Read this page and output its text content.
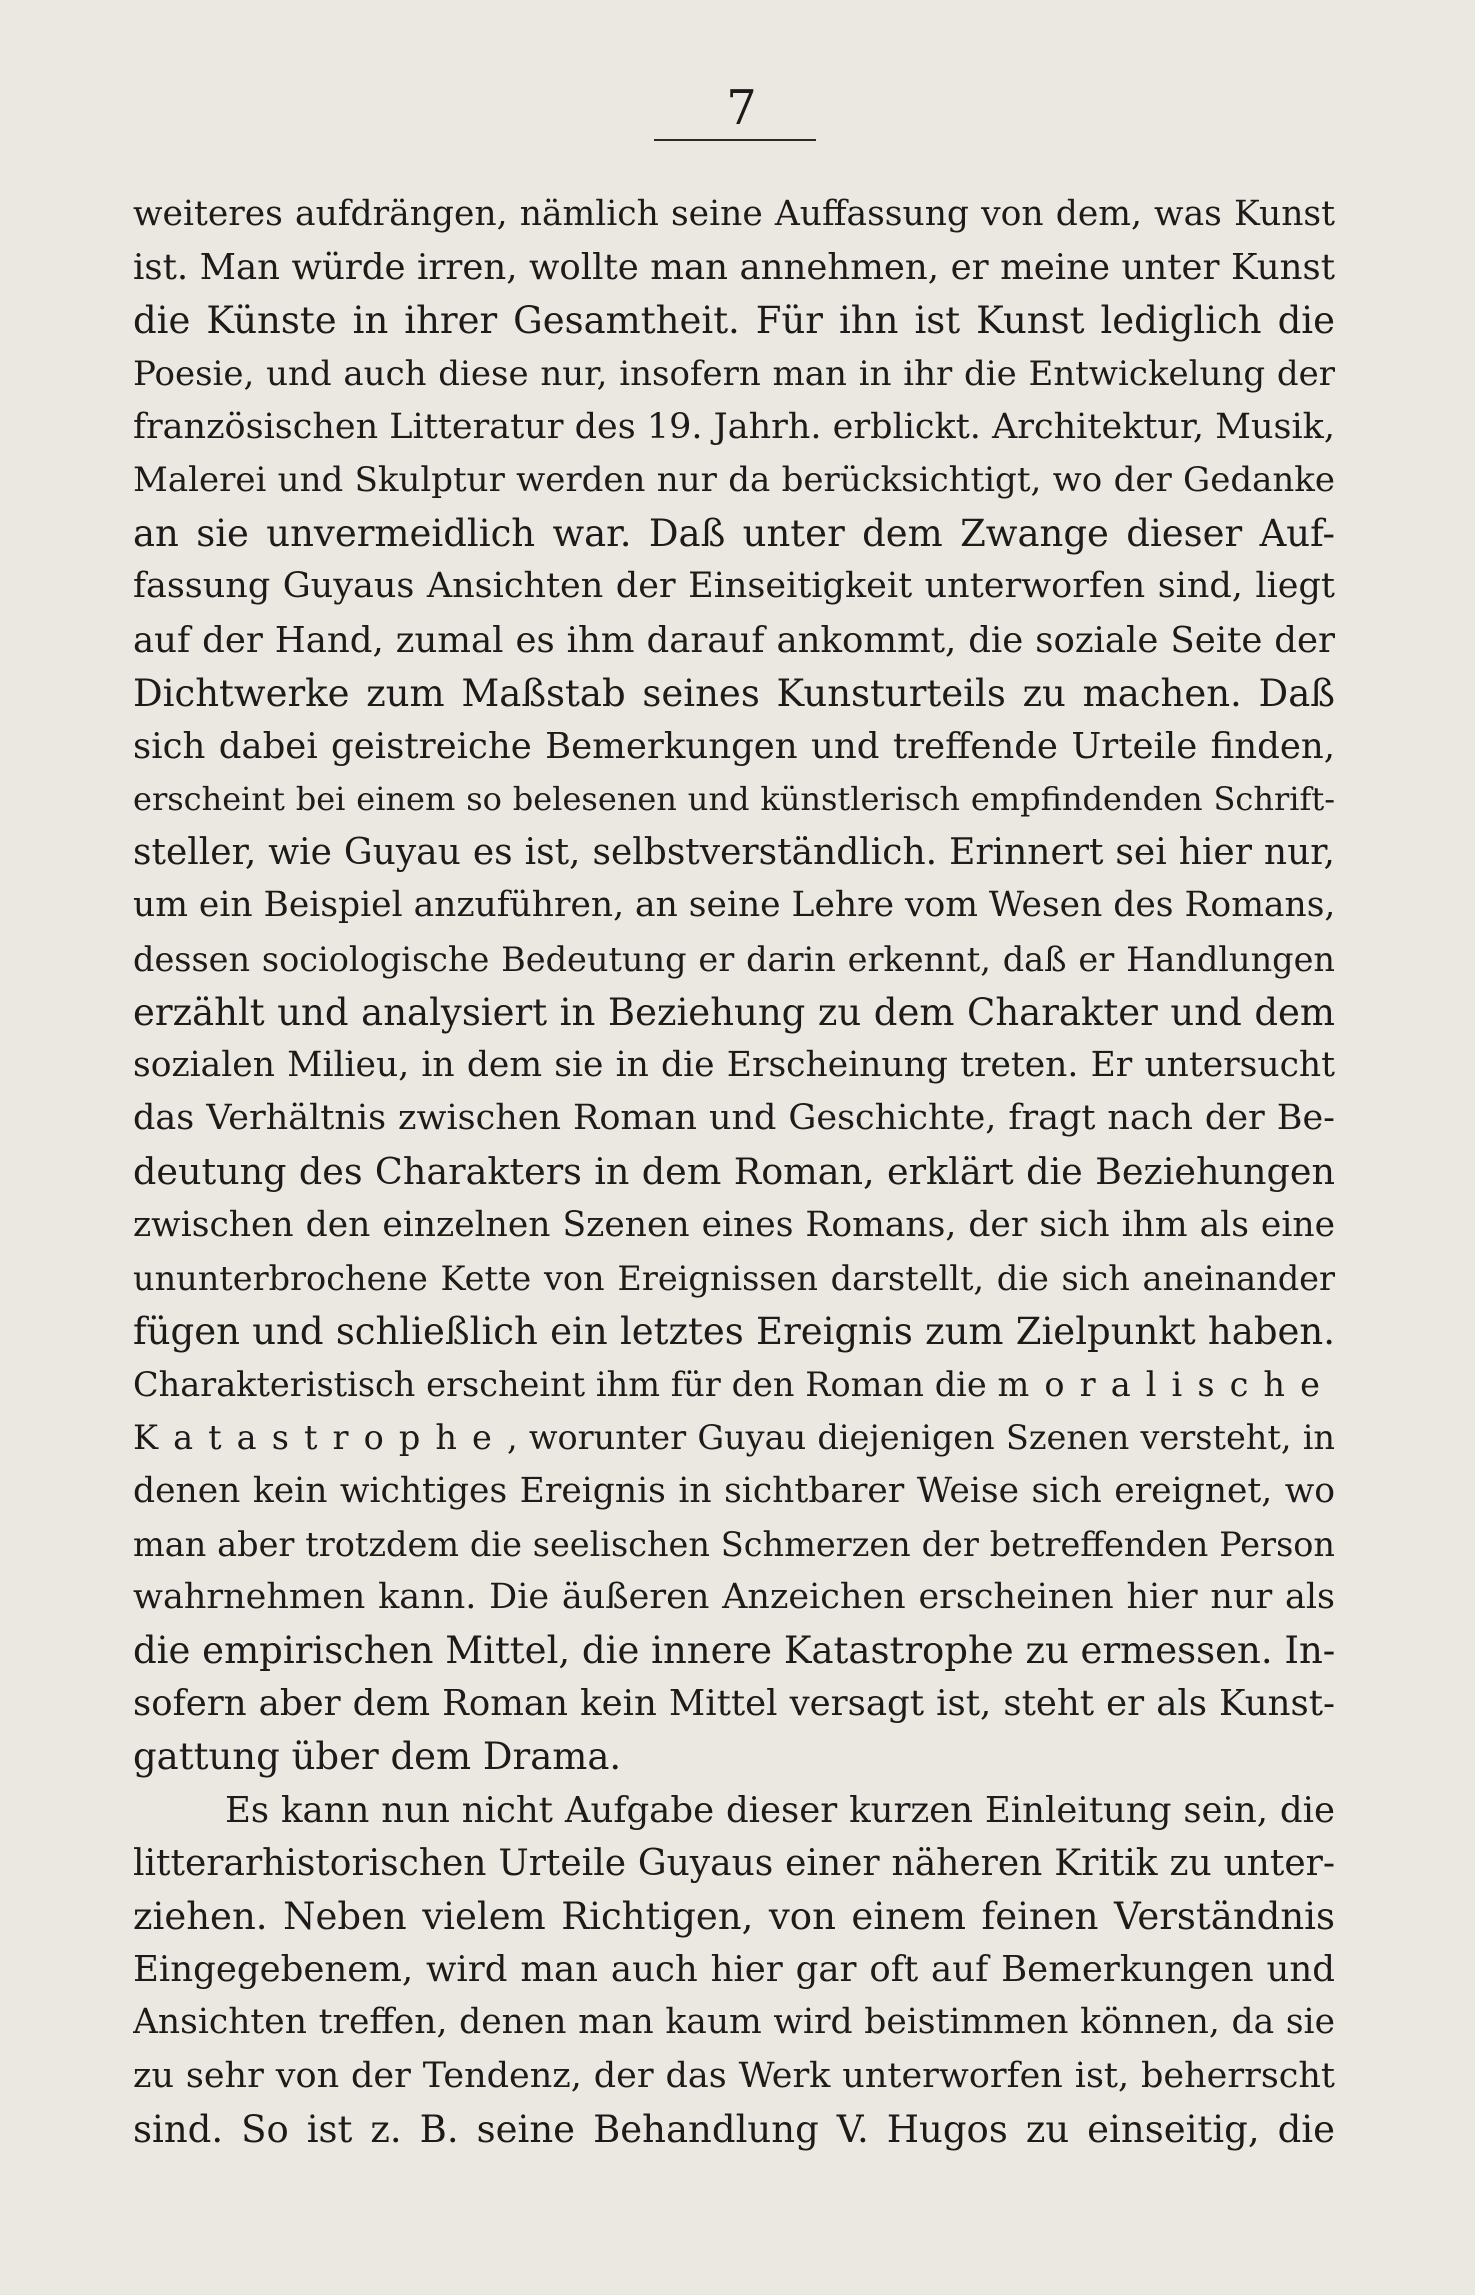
7
weiteres aufdrängen, nämlich seine Auffassung von dem, was Kunst
ist. Man würde irren, wollte man annehmen, er meine unter Kunst
die Künste in ihrer Gesamtheit. Für ihn ist Kunst lediglich die
Poesie, und auch diese nur, insofern man in ihr die Entwickelung der
französischen Litteratur des 19. Jahrh. erblickt. Architektur, Musik,
Malerei und Skulptur werden nur da berücksichtigt, wo der Gedanke
an sie unvermeidlich war. Daß unter dem Zwange dieser Auf-
fassung Guyaus Ansichten der Einseitigkeit unterworfen sind, liegt
auf der Hand, zumal es ihm darauf ankommt, die soziale Seite der
Dichtwerke zum Maßstab seines Kunsturteils zu machen. Daß
sich dabei geistreiche Bemerkungen und treffende Urteile finden,
erscheint bei einem so belesenen und künstlerisch empfindenden Schrift-
steller, wie Guyau es ist, selbstverständlich. Erinnert sei hier nur,
um ein Beispiel anzuführen, an seine Lehre vom Wesen des Romans,
dessen sociologische Bedeutung er darin erkennt, daß er Handlungen
erzählt und analysiert in Beziehung zu dem Charakter und dem
sozialen Milieu, in dem sie in die Erscheinung treten. Er untersucht
das Verhältnis zwischen Roman und Geschichte, fragt nach der Be-
deutung des Charakters in dem Roman, erklärt die Beziehungen
zwischen den einzelnen Szenen eines Romans, der sich ihm als eine
ununterbrochene Kette von Ereignissen darstellt, die sich aneinander
fügen und schließlich ein letztes Ereignis zum Zielpunkt haben.
Charakteristisch erscheint ihm für den Roman die moralische
Katastrophe, worunter Guyau diejenigen Szenen versteht, in
denen kein wichtiges Ereignis in sichtbarer Weise sich ereignet, wo
man aber trotzdem die seelischen Schmerzen der betreffenden Person
wahrnehmen kann. Die äußeren Anzeichen erscheinen hier nur als
die empirischen Mittel, die innere Katastrophe zu ermessen. In-
sofern aber dem Roman kein Mittel versagt ist, steht er als Kunst-
gattung über dem Drama.
Es kann nun nicht Aufgabe dieser kurzen Einleitung sein, die
litterarhistorischen Urteile Guyaus einer näheren Kritik zu unter-
ziehen. Neben vielem Richtigen, von einem feinen Verständnis
Eingegebenem, wird man auch hier gar oft auf Bemerkungen und
Ansichten treffen, denen man kaum wird beistimmen können, da sie
zu sehr von der Tendenz, der das Werk unterworfen ist, beherrscht
sind. So ist z. B. seine Behandlung V. Hugos zu einseitig, die
